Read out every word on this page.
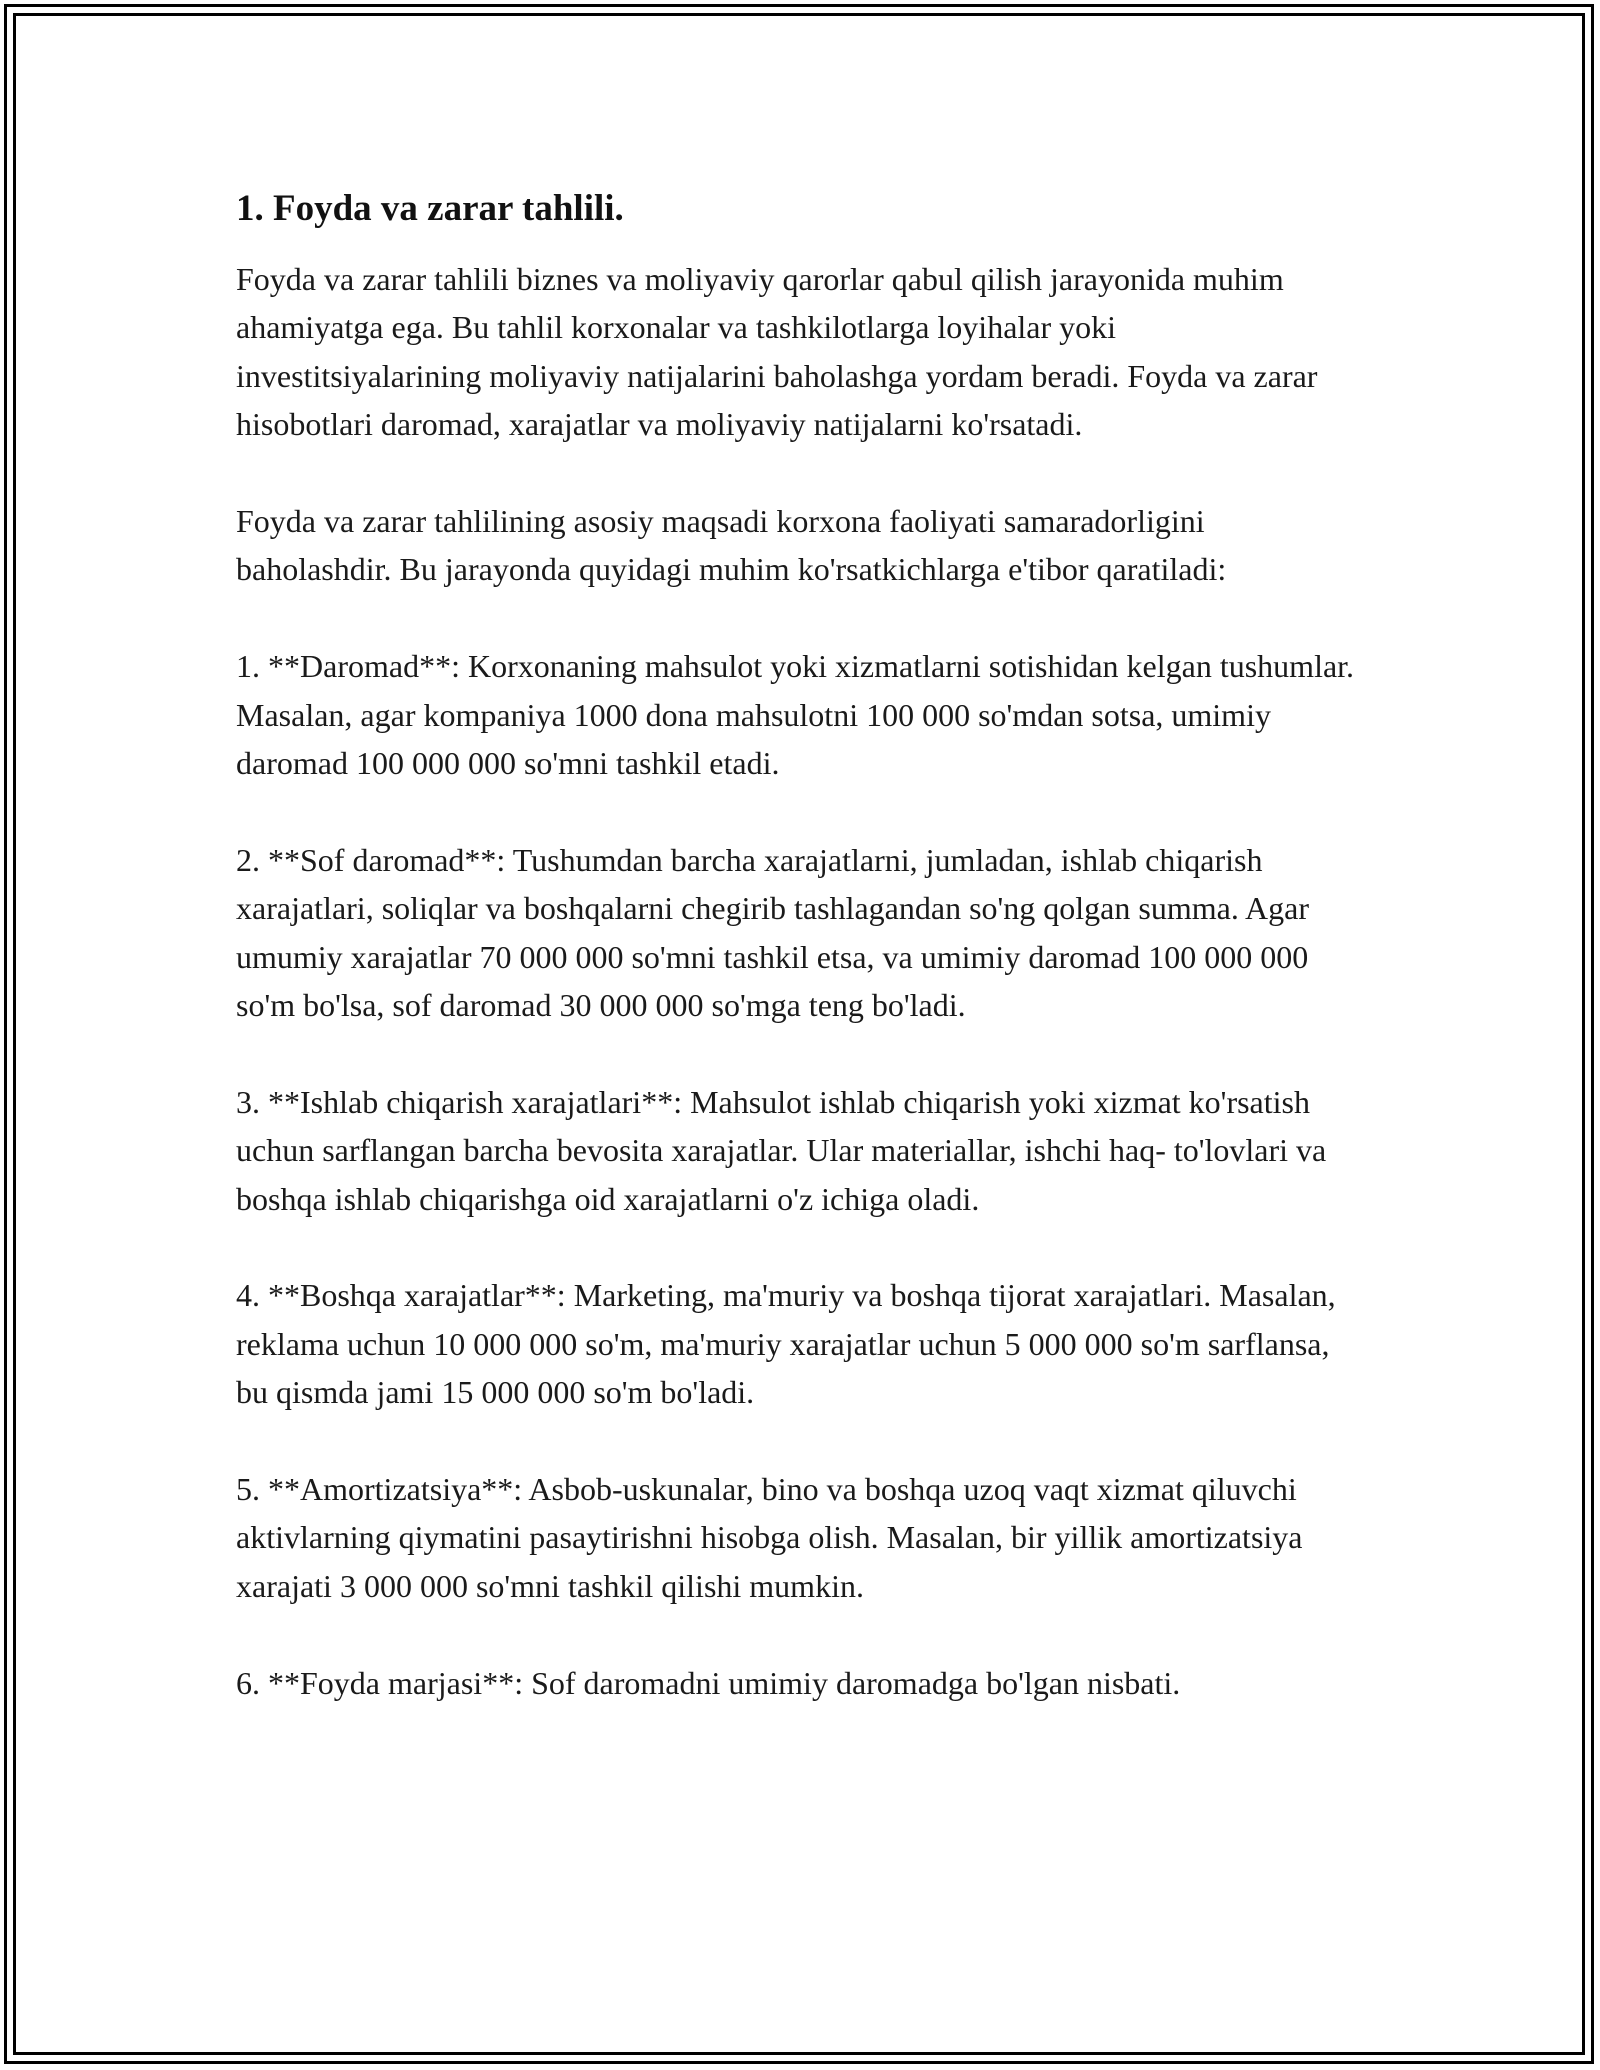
1. Foyda va zarar tahlili.

Foyda va zarar tahlili biznes va moliyaviy qarorlar qabul qilish jarayonida muhim ahamiyatga ega. Bu tahlil korxonalar va tashkilotlarga loyihalar yoki investitsiyalarining moliyaviy natijalarini baholashga yordam beradi. Foyda va zarar hisobotlari daromad, xarajatlar va moliyaviy natijalarni ko'rsatadi.

Foyda va zarar tahlilining asosiy maqsadi korxona faoliyati samaradorligini baholashdir. Bu jarayonda quyidagi muhim ko'rsatkichlarga e'tibor qaratiladi:

1. **Daromad**: Korxonaning mahsulot yoki xizmatlarni sotishidan kelgan tushumlar. Masalan, agar kompaniya 1000 dona mahsulotni 100 000 so'mdan sotsa, umimiy daromad 100 000 000 so'mni tashkil etadi.

2. **Sof daromad**: Tushumdan barcha xarajatlarni, jumladan, ishlab chiqarish xarajatlari, soliqlar va boshqalarni chegirib tashlagandan so'ng qolgan summa. Agar umumiy xarajatlar 70 000 000 so'mni tashkil etsa, va umimiy daromad 100 000 000 so'm bo'lsa, sof daromad 30 000 000 so'mga teng bo'ladi.

3. **Ishlab chiqarish xarajatlari**: Mahsulot ishlab chiqarish yoki xizmat ko'rsatish uchun sarflangan barcha bevosita xarajatlar. Ular materiallar, ishchi haq- to'lovlari va boshqa ishlab chiqarishga oid xarajatlarni o'z ichiga oladi.

4. **Boshqa xarajatlar**: Marketing, ma'muriy va boshqa tijorat xarajatlari. Masalan, reklama uchun 10 000 000 so'm, ma'muriy xarajatlar uchun 5 000 000 so'm sarflansa, bu qismda jami 15 000 000 so'm bo'ladi.

5. **Amortizatsiya**: Asbob-uskunalar, bino va boshqa uzoq vaqt xizmat qiluvchi aktivlarning qiymatini pasaytirishni hisobga olish. Masalan, bir yillik amortizatsiya xarajati 3 000 000 so'mni tashkil qilishi mumkin.

6. **Foyda marjasi**: Sof daromadni umimiy daromadga bo'lgan nisbati.
